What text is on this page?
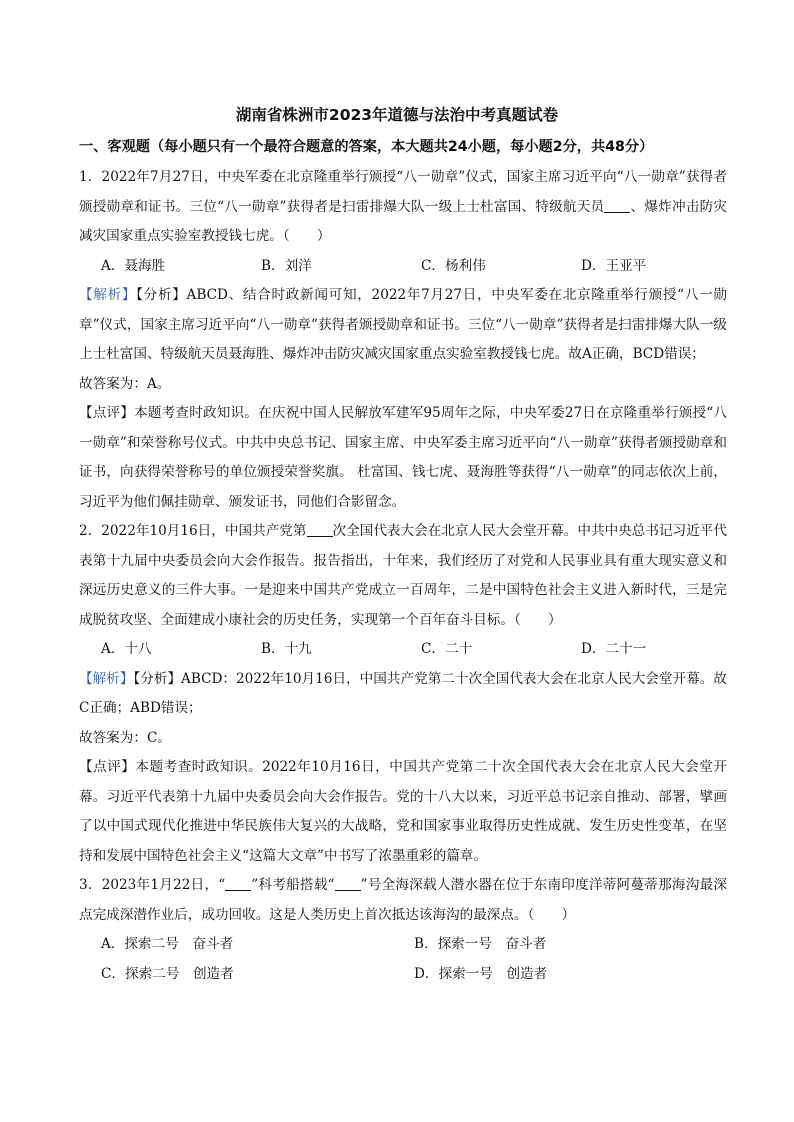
湖南省株洲市2023年道德与法治中考真题试卷
一、客观题（每小题只有一个最符合题意的答案，本大题共24小题，每小题2分，共48分）

1．2022年7月27日，中央军委在北京隆重举行颁授“八一勋章”仪式，国家主席习近平向“八一勋章”获得者颁授勋章和证书。三位“八一勋章”获得者是扫雷排爆大队一级上士杜富国、特级航天员 、爆炸冲击防灾减灾国家重点实验室教授钱七虎。（　　）

A．聂海胜	B．刘洋	C．杨利伟	D．王亚平

【解析】【分析】ABCD、结合时政新闻可知，2022年7月27日，中央军委在北京隆重举行颁授“八一勋章”仪式，国家主席习近平向“八一勋章”获得者颁授勋章和证书。三位“八一勋章”获得者是扫雷排爆大队一级上士杜富国、特级航天员聂海胜、爆炸冲击防灾减灾国家重点实验室教授钱七虎。故A正确，BCD错误；

故答案为：A。

【点评】本题考查时政知识。在庆祝中国人民解放军建军95周年之际，中央军委27日在京隆重举行颁授“八一勋章”和荣誉称号仪式。中共中央总书记、国家主席、中央军委主席习近平向“八一勋章”获得者颁授勋章和证书，向获得荣誉称号的单位颁授荣誉奖旗。 杜富国、钱七虎、聂海胜等获得“八一勋章”的同志依次上前，习近平为他们佩挂勋章、颁发证书，同他们合影留念。

2．2022年10月16日，中国共产党第 次全国代表大会在北京人民大会堂开幕。中共中央总书记习近平代表第十九届中央委员会向大会作报告。报告指出，十年来，我们经历了对党和人民事业具有重大现实意义和深远历史意义的三件大事。一是迎来中国共产党成立一百周年，二是中国特色社会主义进入新时代，三是完成脱贫攻坚、全面建成小康社会的历史任务，实现第一个百年奋斗目标。（　　）

A．十八	B．十九	C．二十	D．二十一

【解析】【分析】ABCD：2022年10月16日，中国共产党第二十次全国代表大会在北京人民大会堂开幕。故C正确；ABD错误；

故答案为：C。

【点评】本题考查时政知识。2022年10月16日，中国共产党第二十次全国代表大会在北京人民大会堂开幕。习近平代表第十九届中央委员会向大会作报告。党的十八大以来，习近平总书记亲自推动、部署，擘画了以中国式现代化推进中华民族伟大复兴的大战略，党和国家事业取得历史性成就、发生历史性变革，在坚持和发展中国特色社会主义“这篇大文章”中书写了浓墨重彩的篇章。

3．2023年1月22日，“ ”科考船搭载“ ”号全海深载人潜水器在位于东南印度洋蒂阿蔓蒂那海沟最深点完成深潜作业后，成功回收。这是人类历史上首次抵达该海沟的最深点。（　　）

A．探索二号　奋斗者	B．探索一号　奋斗者
C．探索二号　创造者	D．探索一号　创造者
